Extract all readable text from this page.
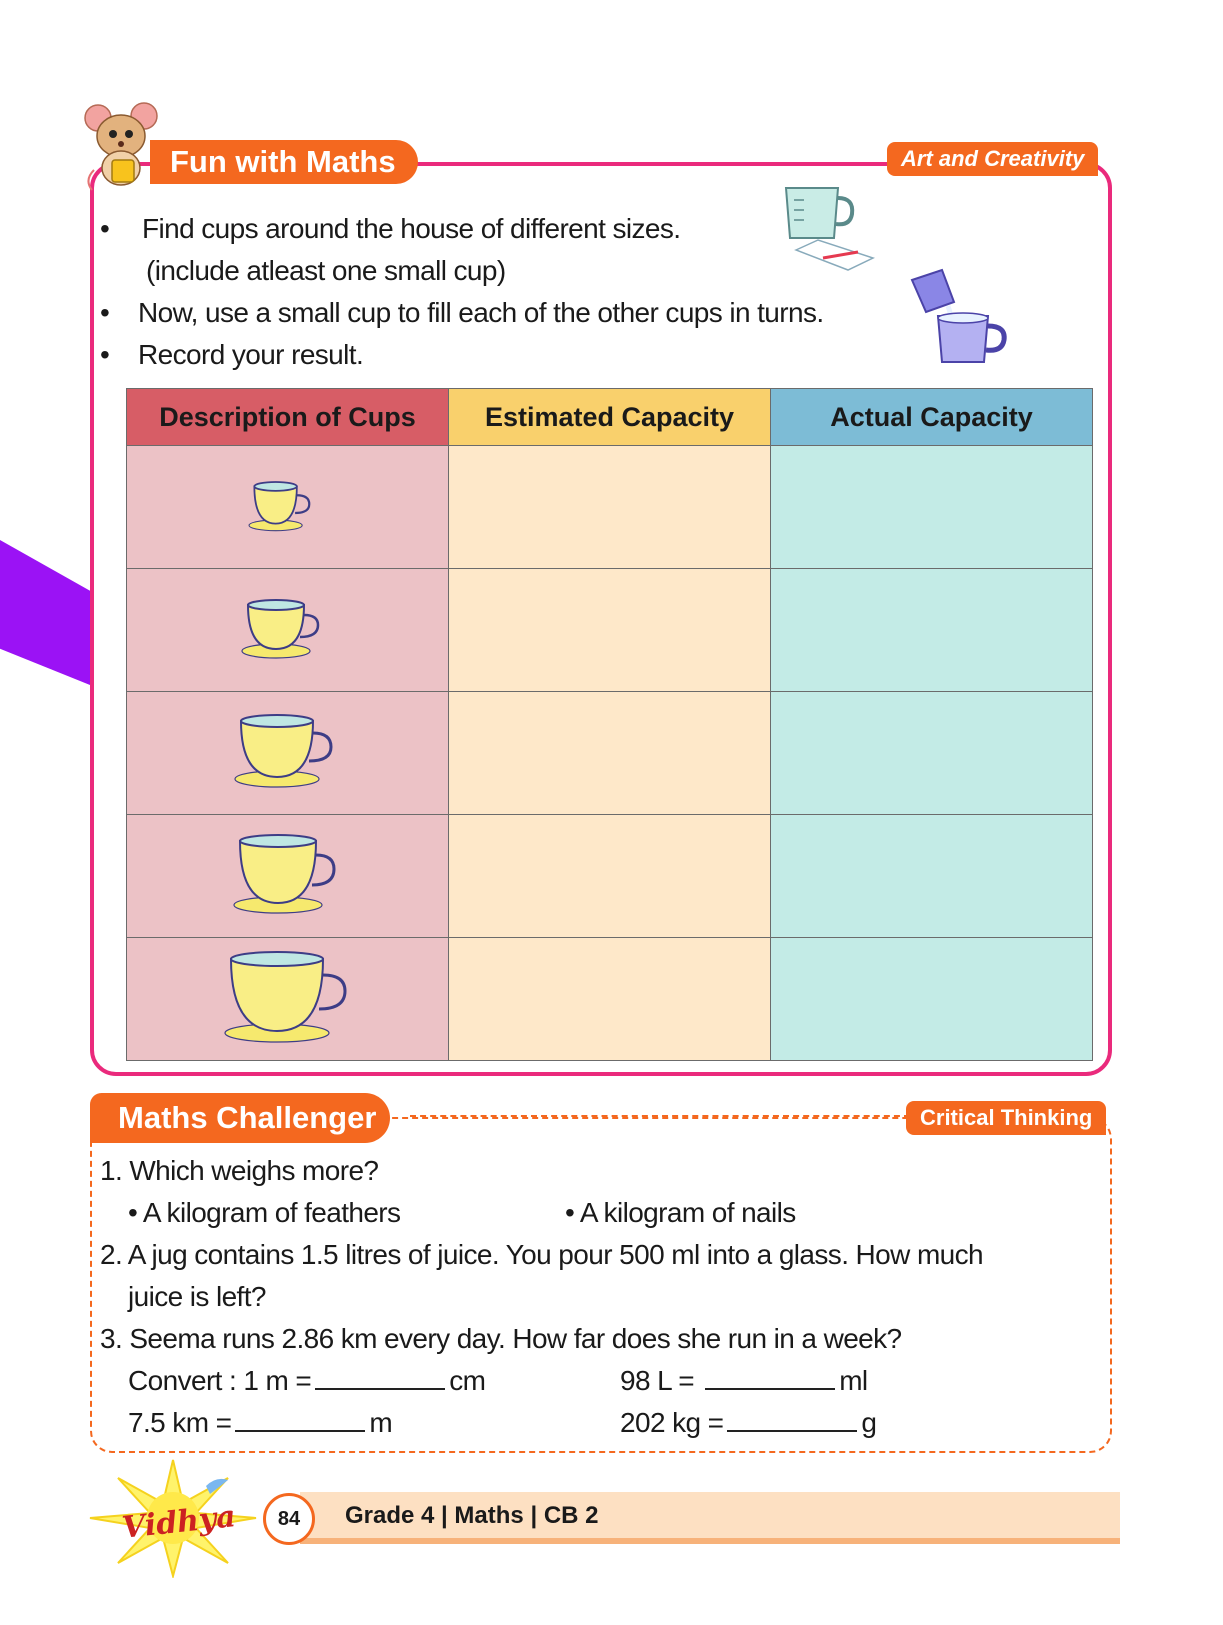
Fun with Maths	Art and Creativity
• Find cups around the house of different sizes.
(include atleast one small cup)
• Now, use a small cup to fill each of the other cups in turns.
• Record your result.
Description of Cups	Estimated Capacity	Actual Capacity

Maths Challenger	Critical Thinking
1. Which weighs more?
• A kilogram of feathers	• A kilogram of nails
2. A jug contains 1.5 litres of juice. You pour 500 ml into a glass. How much
juice is left?
3. Seema runs 2.86 km every day. How far does she run in a week?
Convert : 1 m =	cm	98 L =	ml
7.5 km =	m	202 kg =	g
Vidhya	84	Grade 4 | Maths | CB 2
